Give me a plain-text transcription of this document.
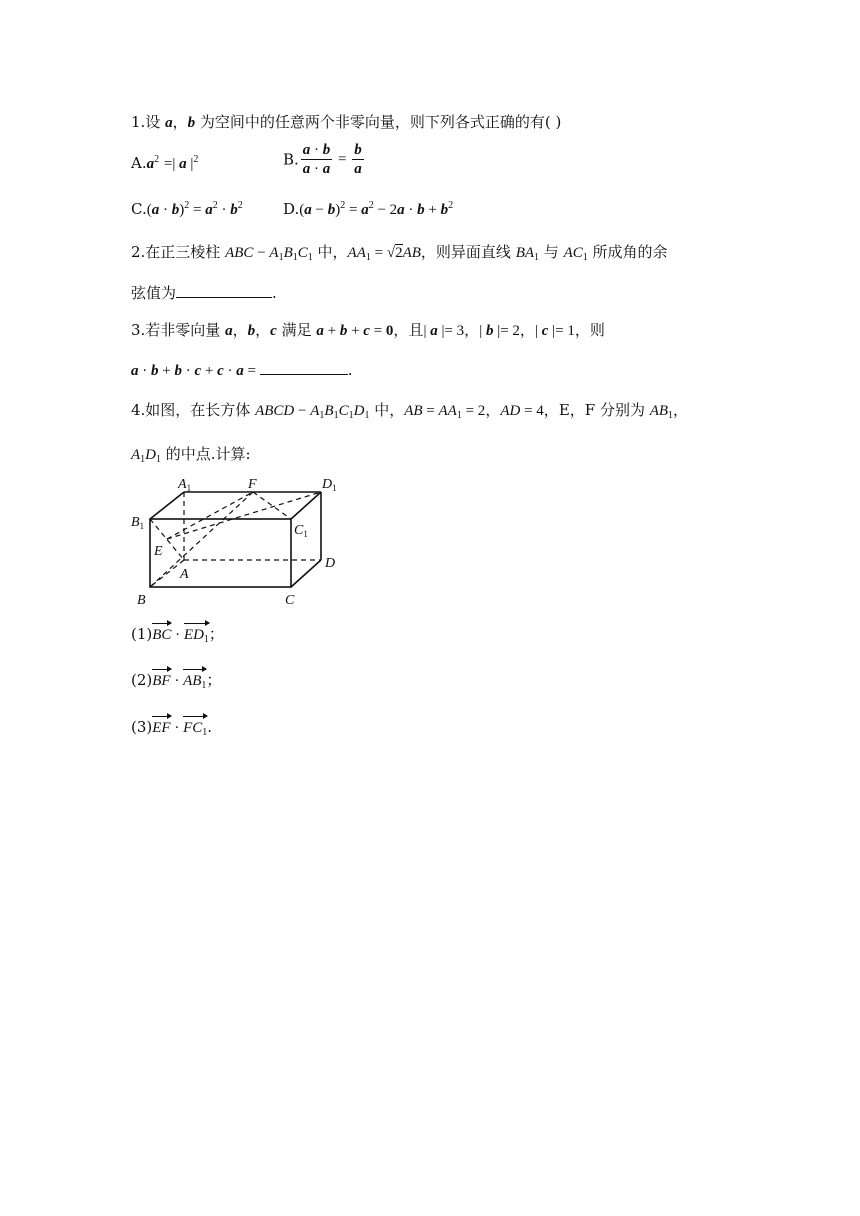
1.设 a，b 为空间中的任意两个非零向量，则下列各式正确的有( )
$A.a^2$ =| a $|^2$	B. $\frac{a \cdot b}{a \cdot a} = \frac{b}{a}$
$C.(a \cdot b)^2 = a^2 \cdot b^2$	$D.(a - b)^2 = a^2 - 2a \cdot b + b^2$
2.在正三棱柱 ABC − $A_1B_1C_1$ 中，$AA_1 = √2AB$，则异面直线 $BA_1$ 与 $AC_1$ 所成角的余
弦值为	.
3.若非零向量 a，b，c 满足 a + b + c = 0，且| a |= 3，| b |= 2，| c |= 1，则
a · b + b · c + c · a =	.
4.如图，在长方体 ABCD − $A_1B_1C_1D_1$ 中，AB = $AA_1 = 2$，AD = 4，E，F 分别为 $AB_1$，
$A_1D_1$ 的中点.计算:
$A_1$	F	$D_1$
$B_1$	$C_1$
E
D
A
B	C
$(1)BC \cdot ED_1$；
$(2)BF \cdot AB_1$；
$(3)EF \cdot FC_1$.
